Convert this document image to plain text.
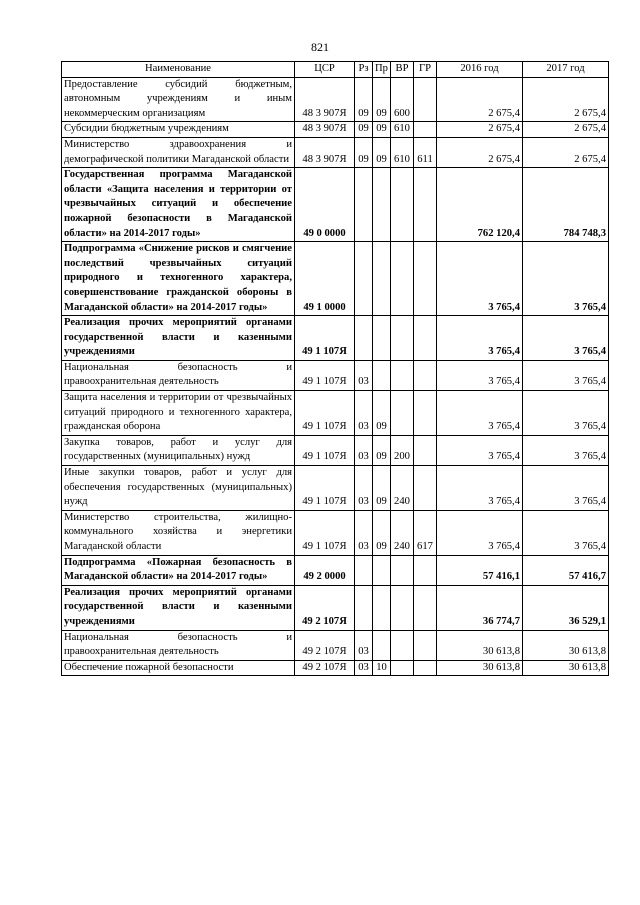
821
Наименование	ЦСР	Рз	Пр	ВР	ГР	2016 год	2017 год
Предоставление субсидий бюджетным, автономным учреждениям и иным некоммерческим организациям	48 3 907Я	09	09	600		2 675,4	2 675,4
Субсидии бюджетным учреждениям	48 3 907Я	09	09	610		2 675,4	2 675,4
Министерство здравоохранения и демографической политики Магаданской области	48 3 907Я	09	09	610	611	2 675,4	2 675,4
Государственная программа Магаданской области «Защита населения и территории от чрезвычайных ситуаций и обеспечение пожарной безопасности в Магаданской области» на 2014-2017 годы»	49 0 0000					762 120,4	784 748,3
Подпрограмма «Снижение рисков и смягчение последствий чрезвычайных ситуаций природного и техногенного характера, совершенствование гражданской обороны в Магаданской области» на 2014-2017 годы»	49 1 0000					3 765,4	3 765,4
Реализация прочих мероприятий органами государственной власти и казенными учреждениями	49 1 107Я					3 765,4	3 765,4
Национальная безопасность и правоохранительная деятельность	49 1 107Я	03				3 765,4	3 765,4
Защита населения и территории от чрезвычайных ситуаций природного и техногенного характера, гражданская оборона	49 1 107Я	03	09			3 765,4	3 765,4
Закупка товаров, работ и услуг для государственных (муниципальных) нужд	49 1 107Я	03	09	200		3 765,4	3 765,4
Иные закупки товаров, работ и услуг для обеспечения государственных (муниципальных) нужд	49 1 107Я	03	09	240		3 765,4	3 765,4
Министерство строительства, жилищно-коммунального хозяйства и энергетики Магаданской области	49 1 107Я	03	09	240	617	3 765,4	3 765,4
Подпрограмма «Пожарная безопасность в Магаданской области» на 2014-2017 годы»	49 2 0000					57 416,1	57 416,7
Реализация прочих мероприятий органами государственной власти и казенными учреждениями	49 2 107Я					36 774,7	36 529,1
Национальная безопасность и правоохранительная деятельность	49 2 107Я	03				30 613,8	30 613,8
Обеспечение пожарной безопасности	49 2 107Я	03	10			30 613,8	30 613,8
